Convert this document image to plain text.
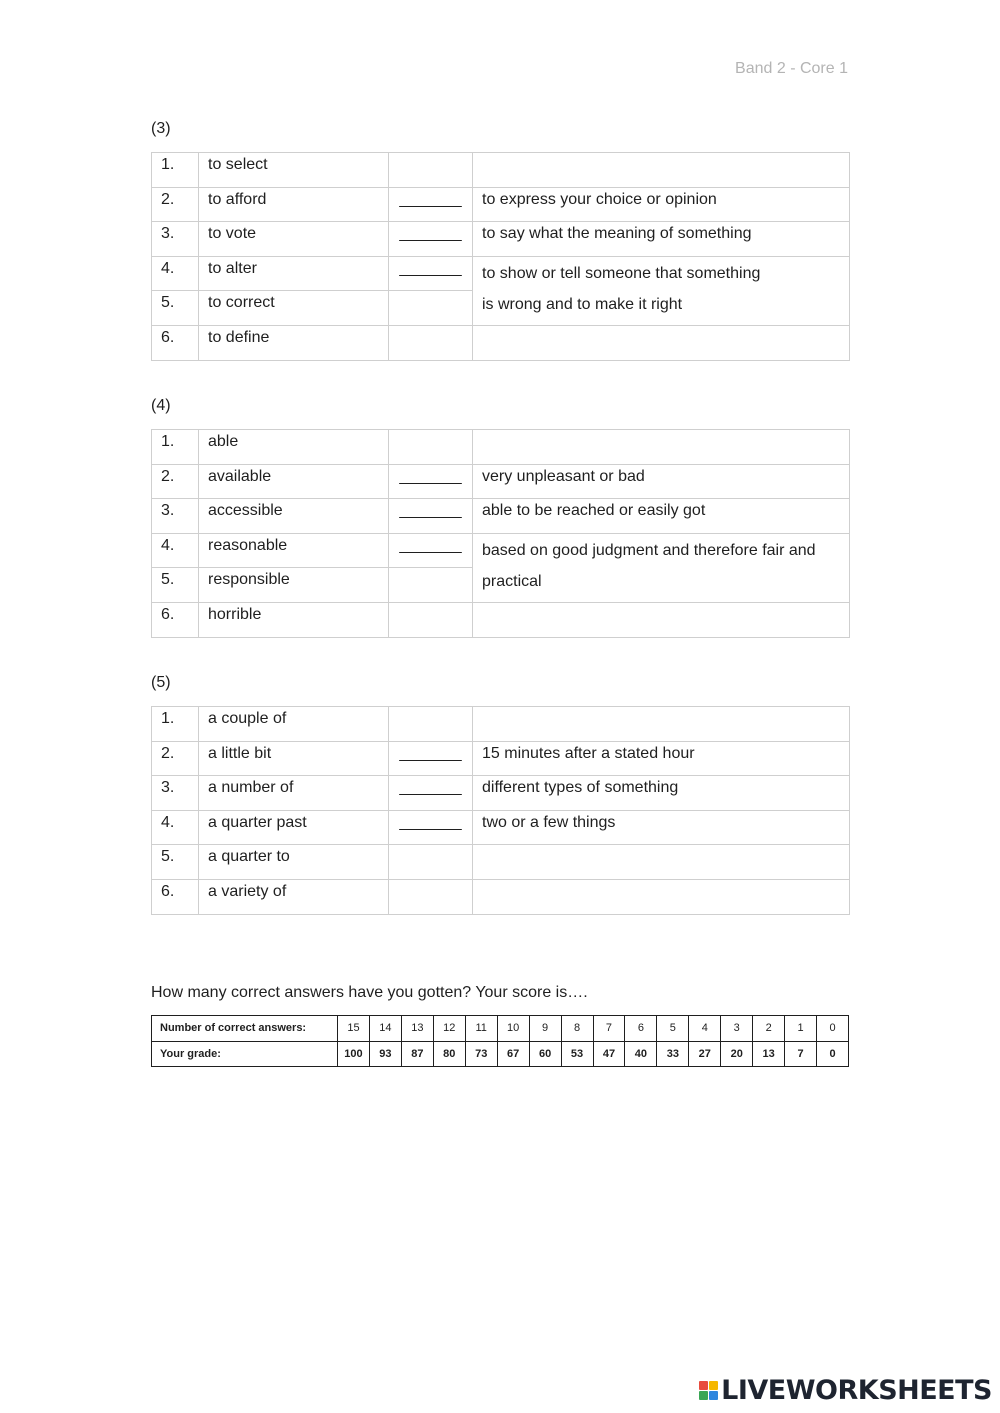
Band 2 - Core 1
(3)
1.	to select		
2.	to afford	_______	to express your choice or opinion
3.	to vote	_______	to say what the meaning of something
4.	to alter	_______	to show or tell someone that something
is wrong and to make it right

5.	to correct		
6.	to define		
(4)
1.	able		
2.	available	_______	very unpleasant or bad
3.	accessible	_______	able to be reached or easily got
4.	reasonable	_______	based on good judgment and therefore fair and
practical

5.	responsible		
6.	horrible		
(5)
1.	a couple of		
2.	a little bit	_______	15 minutes after a stated hour
3.	a number of	_______	different types of something
4.	a quarter past	_______	two or a few things
5.	a quarter to		
6.	a variety of		
How many correct answers have you gotten? Your score is….
Number of correct answers:	15	14	13	12	11	10	9	8	7	6	5	4	3	2	1	0
Your grade:	100	93	87	80	73	67	60	53	47	40	33	27	20	13	7	0
LIVEWORKSHEETS
